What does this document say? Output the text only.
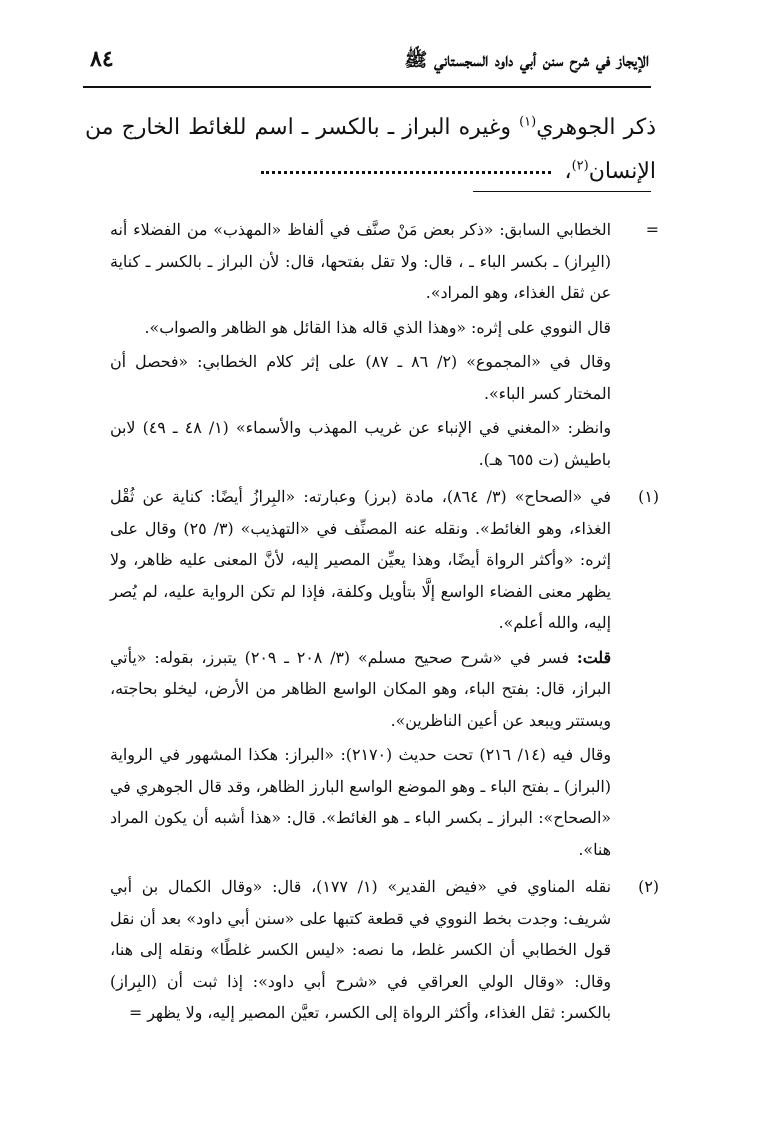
الإيجاز في شرح سنن أبي داود السجستاني ﷺ
٨٤
ذكر الجوهري$^{(١)}$ وغيره البراز ـ بالكسر ـ اسم للغائط الخارج من الإنسان$^{(٢)}$،
=

الخطابي السابق: «ذكر بعض مَنْ صنَّف في ألفاظ «المهذب» من الفضلاء أنه (البِراز) ـ بكسر الباء ـ ، قال: ولا تقل بفتحها، قال: لأن البراز ـ بالكسر ـ كناية عن ثقل الغذاء، وهو المراد».

قال النووي على إثره: «وهذا الذي قاله هذا القائل هو الظاهر والصواب».

وقال في «المجموع» (٢/ ٨٦ ـ ٨٧) على إثر كلام الخطابي: «فحصل أن المختار كسر الباء».

وانظر: «المغني في الإنباء عن غريب المهذب والأسماء» (١/ ٤٨ ـ ٤٩) لابن باطيش (ت ٦٥٥ هـ).

(١)

في «الصحاح» (٣/ ٨٦٤)، مادة (برز) وعبارته: «البِرازُ أيضًا: كناية عن ثُقْل الغذاء، وهو الغائط». ونقله عنه المصنِّف في «التهذيب» (٣/ ٢٥) وقال على إثره: «وأكثر الرواة أيضًا، وهذا يعيِّن المصير إليه، لأنَّ المعنى عليه ظاهر، ولا يظهر معنى الفضاء الواسع إلَّا بتأويل وكلفة، فإذا لم تكن الرواية عليه، لم يُصر إليه، والله أعلم».

قلت: فسر في «شرح صحيح مسلم» (٣/ ٢٠٨ ـ ٢٠٩) يتبرز، بقوله: «يأتي البراز، قال: بفتح الباء، وهو المكان الواسع الظاهر من الأرض، ليخلو بحاجته، ويستتر ويبعد عن أعين الناظرين».

وقال فيه (١٤/ ٢١٦) تحت حديث (٢١٧٠): «البراز: هكذا المشهور في الرواية (البراز) ـ بفتح الباء ـ وهو الموضع الواسع البارز الظاهر، وقد قال الجوهري في «الصحاح»: البراز ـ بكسر الباء ـ هو الغائط». قال: «هذا أشبه أن يكون المراد هنا».

(٢)

نقله المناوي في «فيض القدير» (١/ ١٧٧)، قال: «وقال الكمال بن أبي شريف: وجدت بخط النووي في قطعة كتبها على «سنن أبي داود» بعد أن نقل قول الخطابي أن الكسر غلط، ما نصه: «ليس الكسر غلطًا» ونقله إلى هنا، وقال: «وقال الولي العراقي في «شرح أبي داود»: إذا ثبت أن (البِراز) بالكسر: ثقل الغذاء، وأكثر الرواة إلى الكسر، تعيَّن المصير إليه، ولا يظهر =
